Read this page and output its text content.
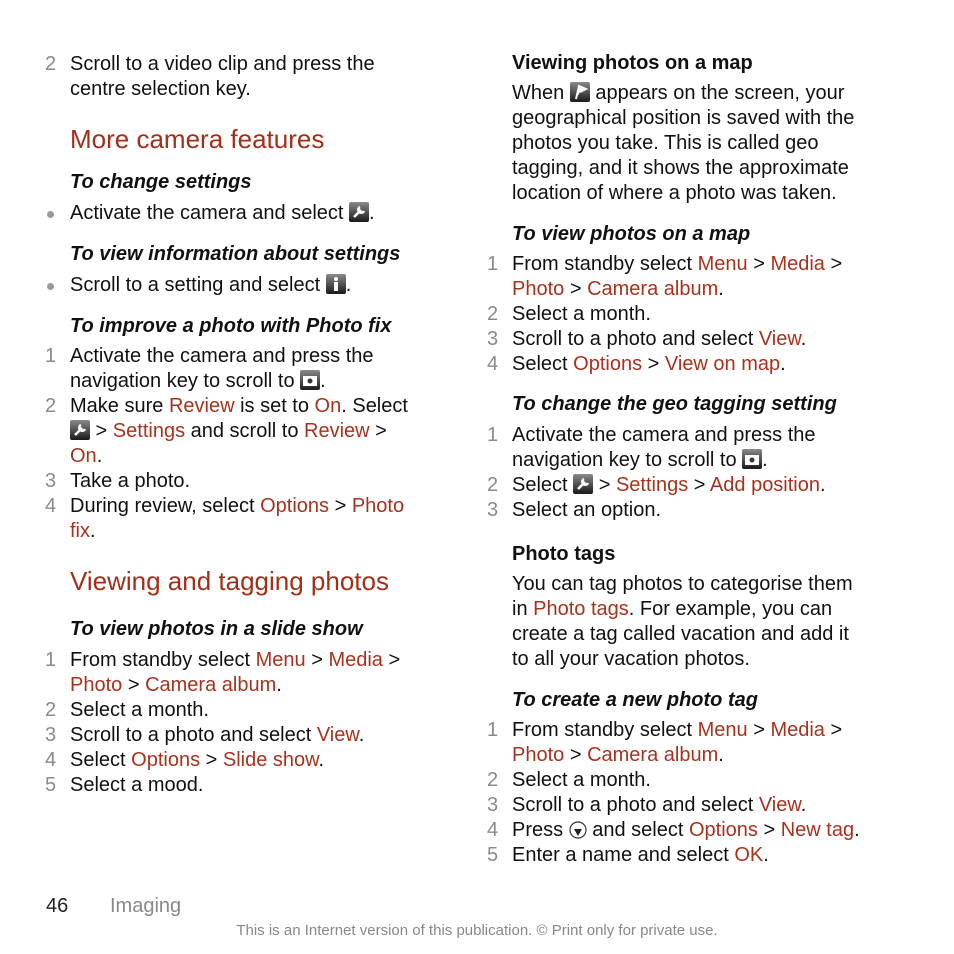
2 Scroll to a video clip and press the
centre selection key.
More camera features
To change settings
Activate the camera and select
.
To view information about settings
Scroll to a setting and select
.
To improve a photo with Photo fix
1 Activate the camera and press the
navigation key to scroll to
.
2 Make sure Review is set to On. Select

> Settings and scroll to Review >
On.
3 Take a photo.
4 During review, select Options > Photo
fix.
Viewing and tagging photos
To view photos in a slide show
1 From standby select Menu > Media >
Photo > Camera album.
2 Select a month.
3 Scroll to a photo and select View.
4 Select Options > Slide show.
5 Select a mood.
Viewing photos on a map
When
appears on the screen, your
geographical position is saved with the
photos you take. This is called geo
tagging, and it shows the approximate
location of where a photo was taken.
To view photos on a map
1 From standby select Menu > Media >
Photo > Camera album.
2 Select a month.
3 Scroll to a photo and select View.
4 Select Options > View on map.
To change the geo tagging setting
1 Activate the camera and press the
navigation key to scroll to
.
2 Select
> Settings > Add position.
3 Select an option.
Photo tags
You can tag photos to categorise them
in Photo tags. For example, you can
create a tag called vacation and add it
to all your vacation photos.
To create a new photo tag
1 From standby select Menu > Media >
Photo > Camera album.
2 Select a month.
3 Scroll to a photo and select View.
4 Press
and select Options > New tag.
5 Enter a name and select OK.
46 Imaging
This is an Internet version of this publication. © Print only for private use.
